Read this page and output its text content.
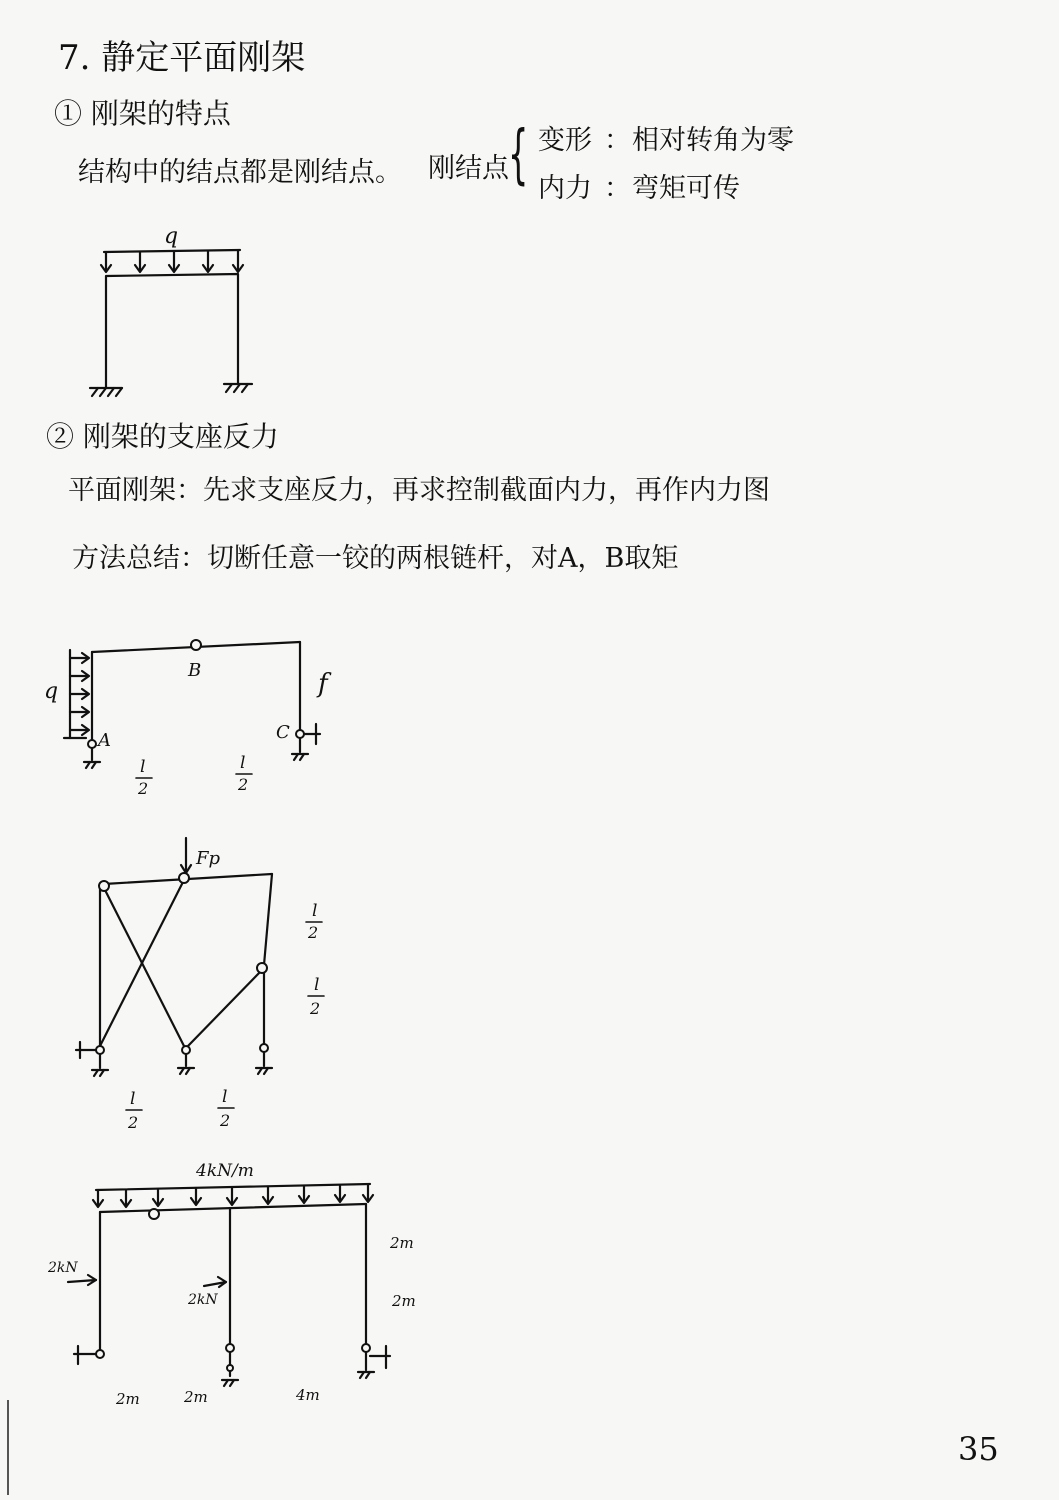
7. 静定平面刚架
① 刚架的特点
结构中的结点都是刚结点。 刚结点 { 变形 ： 相对转角为零
内力 ： 弯矩可传
q
② 刚架的支座反力
平面刚架：先求支座反力，再求控制截面内力，再作内力图
方法总结：切断任意一铰的两根链杆，对A，B取矩
q
B	f
A	C
l
2
l
2
Fp
l
2
l
2
l
2
l
2
4kN/m
2kN
2kN
2m
2m
2m	2m	4m
35
